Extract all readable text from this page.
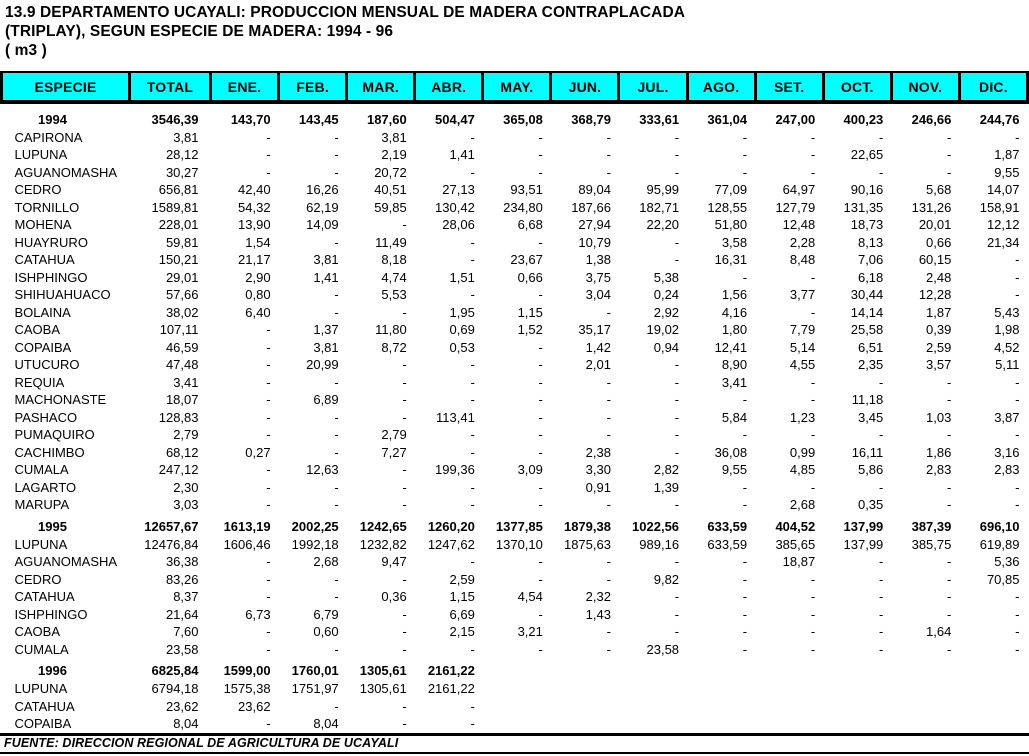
13.9 DEPARTAMENTO UCAYALI: PRODUCCION MENSUAL DE MADERA CONTRAPLACADA
(TRIPLAY), SEGUN ESPECIE DE MADERA: 1994 - 96
( m3 )
ESPECIE	TOTAL	ENE.	FEB.	MAR.	ABR.	MAY.	JUN.	JUL.	AGO.	SET.	OCT.	NOV.	DIC.
1994	3546,39	143,70	143,45	187,60	504,47	365,08	368,79	333,61	361,04	247,00	400,23	246,66	244,76
CAPIRONA	3,81	-	-	3,81	-	-	-	-	-	-	-	-	-
LUPUNA	28,12	-	-	2,19	1,41	-	-	-	-	-	22,65	-	1,87
AGUANOMASHA	30,27	-	-	20,72	-	-	-	-	-	-	-	-	9,55
CEDRO	656,81	42,40	16,26	40,51	27,13	93,51	89,04	95,99	77,09	64,97	90,16	5,68	14,07
TORNILLO	1589,81	54,32	62,19	59,85	130,42	234,80	187,66	182,71	128,55	127,79	131,35	131,26	158,91
MOHENA	228,01	13,90	14,09	-	28,06	6,68	27,94	22,20	51,80	12,48	18,73	20,01	12,12
HUAYRURO	59,81	1,54	-	11,49	-	-	10,79	-	3,58	2,28	8,13	0,66	21,34
CATAHUA	150,21	21,17	3,81	8,18	-	23,67	1,38	-	16,31	8,48	7,06	60,15	-
ISHPHINGO	29,01	2,90	1,41	4,74	1,51	0,66	3,75	5,38	-	-	6,18	2,48	-
SHIHUAHUACO	57,66	0,80	-	5,53	-	-	3,04	0,24	1,56	3,77	30,44	12,28	-
BOLAINA	38,02	6,40	-	-	1,95	1,15	-	2,92	4,16	-	14,14	1,87	5,43
CAOBA	107,11	-	1,37	11,80	0,69	1,52	35,17	19,02	1,80	7,79	25,58	0,39	1,98
COPAIBA	46,59	-	3,81	8,72	0,53	-	1,42	0,94	12,41	5,14	6,51	2,59	4,52
UTUCURO	47,48	-	20,99	-	-	-	2,01	-	8,90	4,55	2,35	3,57	5,11
REQUIA	3,41	-	-	-	-	-	-	-	3,41	-	-	-	-
MACHONASTE	18,07	-	6,89	-	-	-	-	-	-	-	11,18	-	-
PASHACO	128,83	-	-	-	113,41	-	-	-	5,84	1,23	3,45	1,03	3,87
PUMAQUIRO	2,79	-	-	2,79	-	-	-	-	-	-	-	-	-
CACHIMBO	68,12	0,27	-	7,27	-	-	2,38	-	36,08	0,99	16,11	1,86	3,16
CUMALA	247,12	-	12,63	-	199,36	3,09	3,30	2,82	9,55	4,85	5,86	2,83	2,83
LAGARTO	2,30	-	-	-	-	-	0,91	1,39	-	-	-	-	-
MARUPA	3,03	-	-	-	-	-	-	-	-	2,68	0,35	-	-
1995	12657,67	1613,19	2002,25	1242,65	1260,20	1377,85	1879,38	1022,56	633,59	404,52	137,99	387,39	696,10
LUPUNA	12476,84	1606,46	1992,18	1232,82	1247,62	1370,10	1875,63	989,16	633,59	385,65	137,99	385,75	619,89
AGUANOMASHA	36,38	-	2,68	9,47	-	-	-	-	-	18,87	-	-	5,36
CEDRO	83,26	-	-	-	2,59	-	-	9,82	-	-	-	-	70,85
CATAHUA	8,37	-	-	0,36	1,15	4,54	2,32	-	-	-	-	-	-
ISHPHINGO	21,64	6,73	6,79	-	6,69	-	1,43	-	-	-	-	-	-
CAOBA	7,60	-	0,60	-	2,15	3,21	-	-	-	-	-	1,64	-
CUMALA	23,58	-	-	-	-	-	-	23,58	-	-	-	-	-
1996	6825,84	1599,00	1760,01	1305,61	2161,22								
LUPUNA	6794,18	1575,38	1751,97	1305,61	2161,22								
CATAHUA	23,62	23,62	-	-	-								
COPAIBA	8,04	-	8,04	-	-								
FUENTE: DIRECCION REGIONAL DE AGRICULTURA DE UCAYALI
